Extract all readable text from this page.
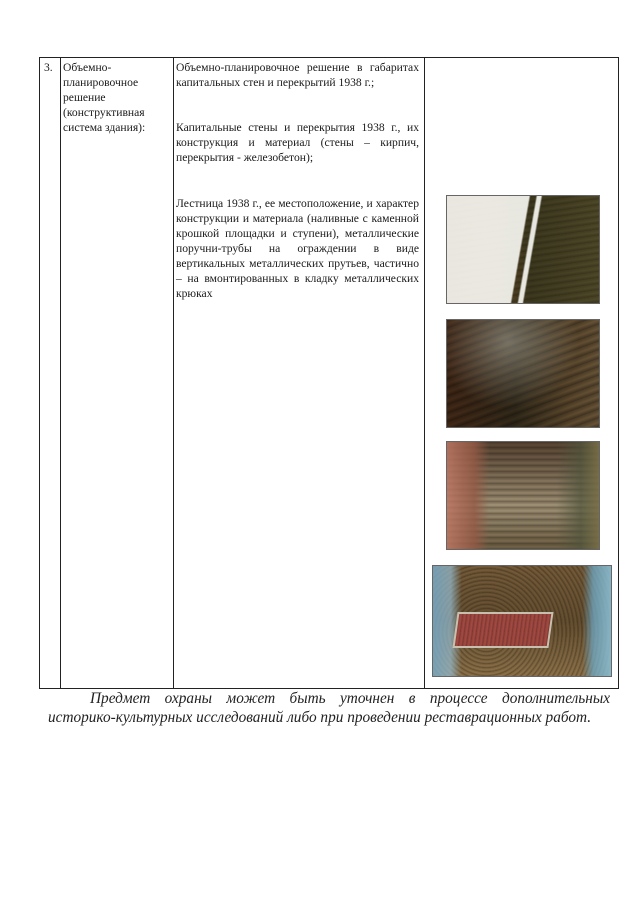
3. Объемно-
планировочное
решение
(конструктивная
система здания):
Объемно-планировочное решение в габаритах капитальных стен и перекрытий 1938 г.;
Капитальные стены и перекрытия 1938 г., их конструкция и материал (стены – кирпич, перекрытия - железобетон);
Лестница 1938 г., ее местоположение, и характер конструкции и материала (наливные с каменной крошкой площадки и ступени), металлические поручни-трубы на ограждении в виде вертикальных металлических прутьев, частично – на вмонтированных в кладку металлических крюках
Предмет охраны может быть уточнен в процессе дополнительных
историко-культурных исследований либо при проведении реставрационных работ.
